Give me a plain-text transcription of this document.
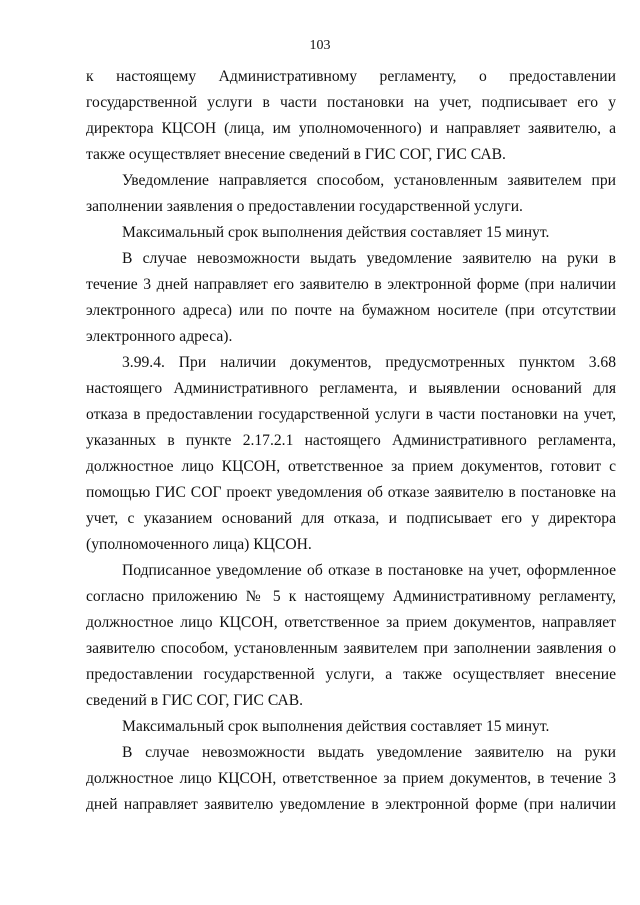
103

к настоящему Административному регламенту, о предоставлении государственной услуги в части постановки на учет, подписывает его у директора КЦСОН (лица, им уполномоченного) и направляет заявителю, а также осуществляет внесение сведений в ГИС СОГ, ГИС САВ.

Уведомление направляется способом, установленным заявителем при заполнении заявления о предоставлении государственной услуги.

Максимальный срок выполнения действия составляет 15 минут.

В случае невозможности выдать уведомление заявителю на руки в течение 3 дней направляет его заявителю в электронной форме (при наличии электронного адреса) или по почте на бумажном носителе (при отсутствии электронного адреса).

3.99.4. При наличии документов, предусмотренных пунктом 3.68 настоящего Административного регламента, и выявлении оснований для отказа в предоставлении государственной услуги в части постановки на учет, указанных в пункте 2.17.2.1 настоящего Административного регламента, должностное лицо КЦСОН, ответственное за прием документов, готовит с помощью ГИС СОГ проект уведомления об отказе заявителю в постановке на учет, с указанием оснований для отказа, и подписывает его у директора (уполномоченного лица) КЦСОН.

Подписанное уведомление об отказе в постановке на учет, оформленное согласно приложению № 5 к настоящему Административному регламенту, должностное лицо КЦСОН, ответственное за прием документов, направляет заявителю способом, установленным заявителем при заполнении заявления о предоставлении государственной услуги, а также осуществляет внесение сведений в ГИС СОГ, ГИС САВ.

Максимальный срок выполнения действия составляет 15 минут.

В случае невозможности выдать уведомление заявителю на руки должностное лицо КЦСОН, ответственное за прием документов, в течение 3 дней направляет заявителю уведомление в электронной форме (при наличии
